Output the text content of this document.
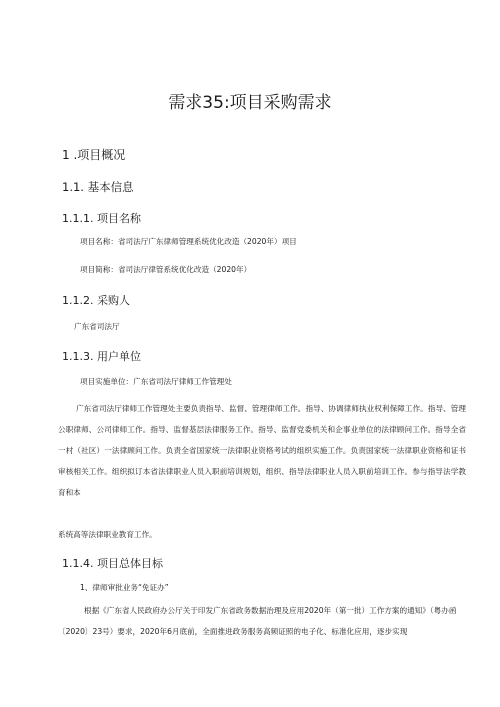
需求35:项目采购需求
1 .项目概况
1.1. 基本信息
1.1.1. 项目名称
项目名称：省司法厅广东律师管理系统优化改造（2020年）项目
项目简称：省司法厅律管系统优化改造（2020年）
1.1.2. 采购人
广东省司法厅
1.1.3. 用户单位
项目实施单位：广东省司法厅律师工作管理处
广东省司法厅律师工作管理处主要负责指导、监督、管理律师工作。指导、协调律师执业权利保障工作。指导、管理公职律师、公司律师工作。指导、监督基层法律服务工作。指导、监督党委机关和企事业单位的法律顾问工作。指导全省一村（社区）一法律顾问工作。负责全省国家统一法律职业资格考试的组织实施工作。负责国家统一法律职业资格和证书审核相关工作。组织拟订本省法律职业人员入职前培训规划，组织、指导法律职业人员入职前培训工作。参与指导法学教育和本
系统高等法律职业教育工作。
1.1.4. 项目总体目标
1、律师审批业务“免证办”
根据《广东省人民政府办公厅关于印发广东省政务数据治理及应用2020年（第一批）工作方案的通知》（粤办函〔2020〕23号）要求，2020年6月底前，全面推进政务服务高频证照的电子化、标准化应用，逐步实现
